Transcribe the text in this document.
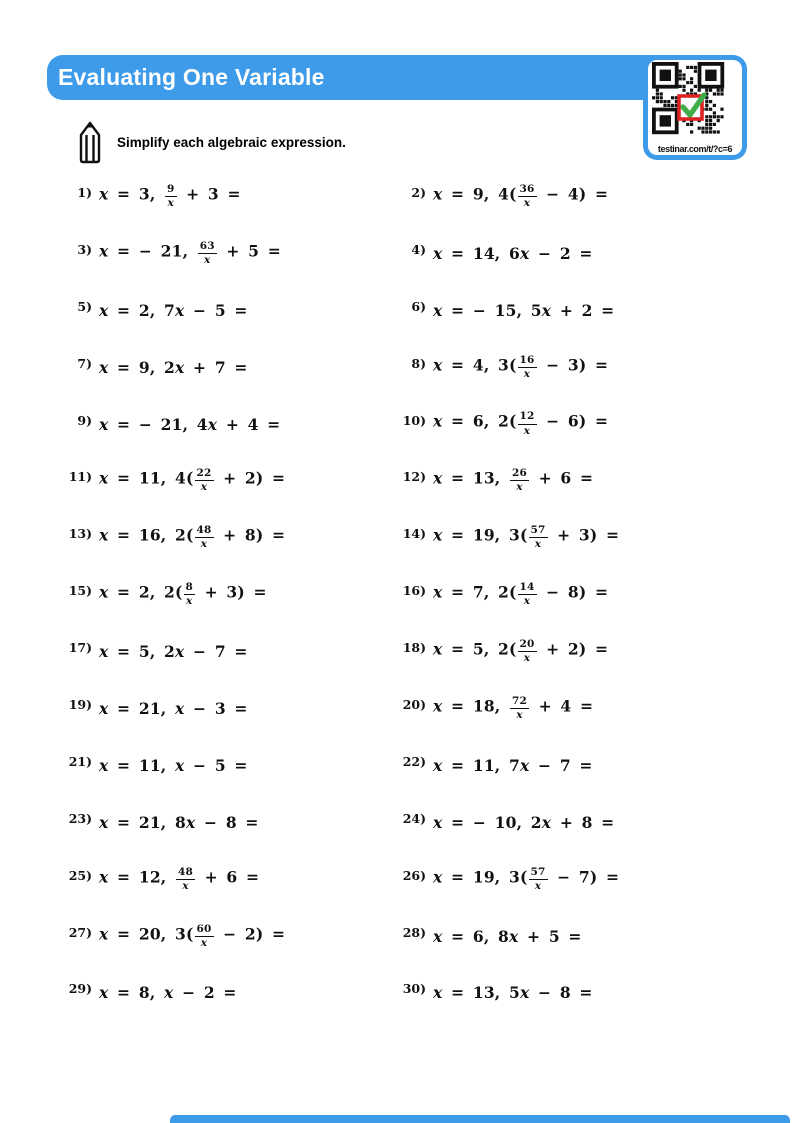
Evaluating One Variable
testinar.com/t/?c=6
Simplify each algebraic expression.
1) x = 3, $\frac{9}{x} + 3$ =	2) x = 9, $4( \frac{36}{x} - 4)$ =
3) x = − 21, $\frac{63}{x} + 5$ =	4) x = 14, 6x − 2 =
5) x = 2, 7x − 5 =	6) x = − 15, 5x + 2 =
7) x = 9, 2x + 7 =	8) x = 4, $3( \frac{16}{x} - 3)$ =
9) x = − 21, 4x + 4 =	10) x = 6, $2( \frac{12}{x} - 6)$ =
11) x = 11, $4( \frac{22}{x} + 2)$ =	12) x = 13, $\frac{26}{x} + 6$ =
13) x = 16, $2( \frac{48}{x} + 8)$ =	14) x = 19, $3( \frac{57}{x} + 3)$ =
15) x = 2, $2( \frac{8}{x} + 3)$ =	16) x = 7, $2( \frac{14}{x} - 8)$ =
17) x = 5, 2x − 7 =	18) x = 5, $2( \frac{20}{x} + 2)$ =
19) x = 21, x − 3 =	20) x = 18, $\frac{72}{x} + 4$ =
21) x = 11, x − 5 =	22) x = 11, 7x − 7 =
23) x = 21, 8x − 8 =	24) x = − 10, 2x + 8 =
25) x = 12, $\frac{48}{x} + 6$ =	26) x = 19, $3( \frac{57}{x} - 7)$ =
27) x = 20, $3( \frac{60}{x} - 2)$ =	28) x = 6, 8x + 5 =
29) x = 8, x − 2 =	30) x = 13, 5x − 8 =
